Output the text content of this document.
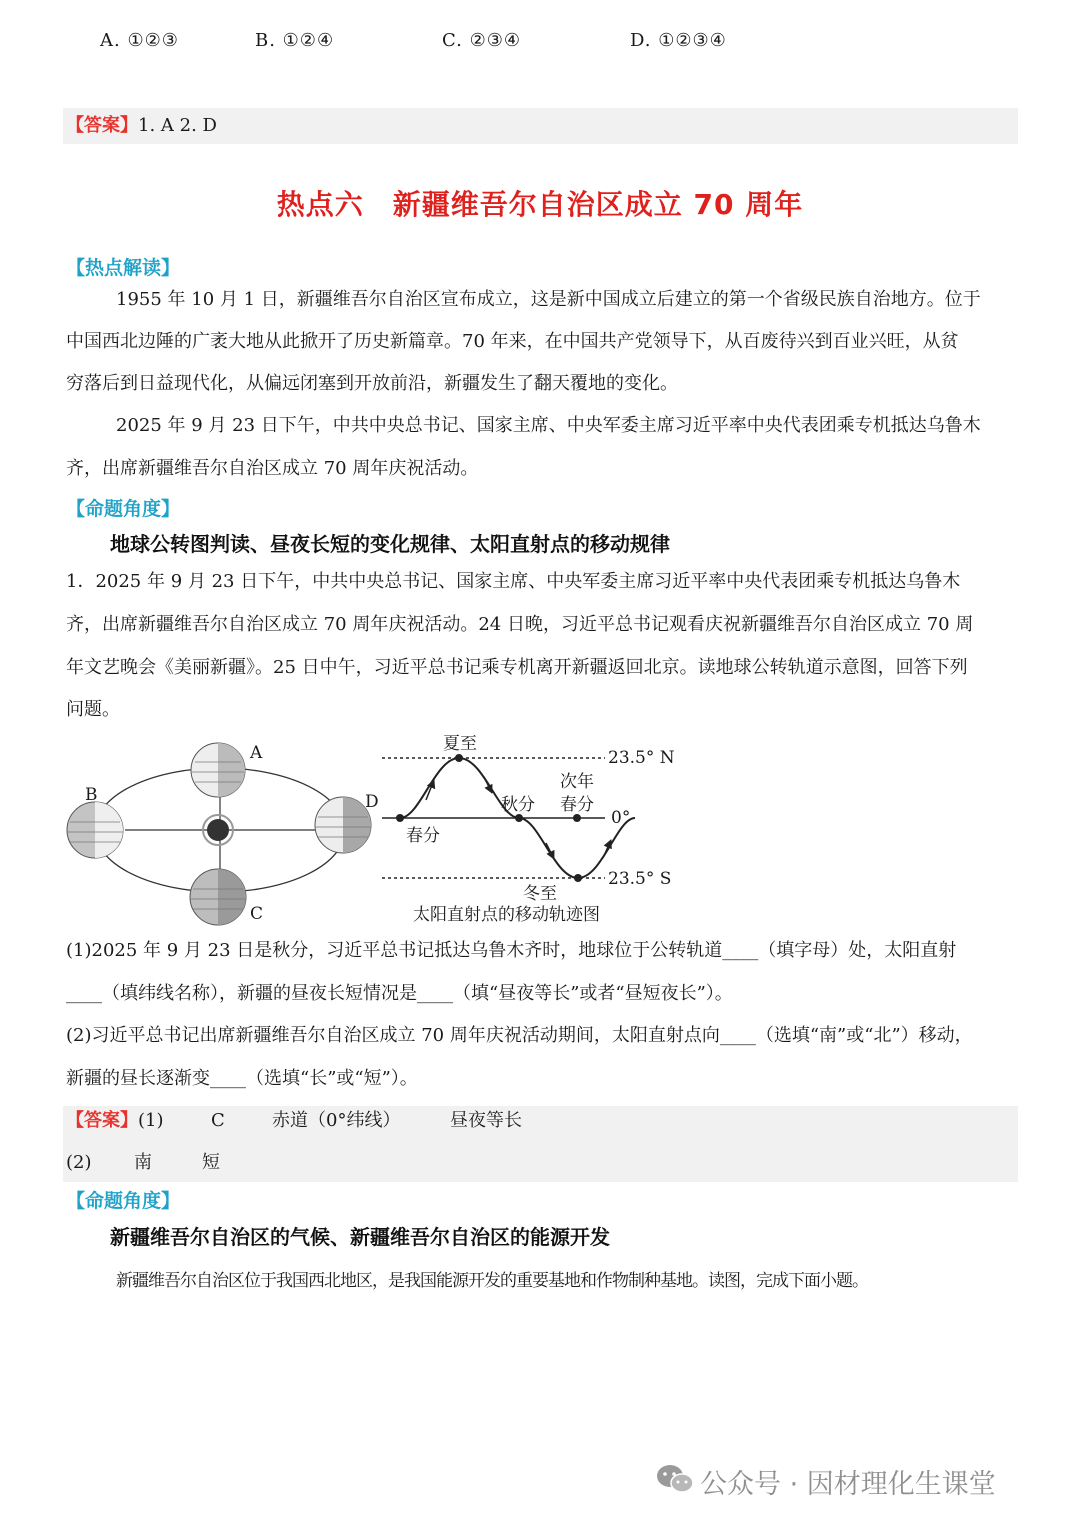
A. ①②③	B. ①②④	C. ②③④	D. ①②③④
【答案】1. A 2. D
热点六　新疆维吾尔自治区成立 70 周年
【热点解读】
1955 年 10 月 1 日，新疆维吾尔自治区宣布成立，这是新中国成立后建立的第一个省级民族自治地方。位于
中国西北边陲的广袤大地从此掀开了历史新篇章。70 年来，在中国共产党领导下，从百废待兴到百业兴旺，从贫
穷落后到日益现代化，从偏远闭塞到开放前沿，新疆发生了翻天覆地的变化。
2025 年 9 月 23 日下午，中共中央总书记、国家主席、中央军委主席习近平率中央代表团乘专机抵达乌鲁木
齐，出席新疆维吾尔自治区成立 70 周年庆祝活动。
【命题角度】
地球公转图判读、昼夜长短的变化规律、太阳直射点的移动规律
1．2025 年 9 月 23 日下午，中共中央总书记、国家主席、中央军委主席习近平率中央代表团乘专机抵达乌鲁木
齐，出席新疆维吾尔自治区成立 70 周年庆祝活动。24 日晚，习近平总书记观看庆祝新疆维吾尔自治区成立 70 周
年文艺晚会《美丽新疆》。25 日中午，习近平总书记乘专机离开新疆返回北京。读地球公转轨道示意图，回答下列
问题。
A
B
C
D
夏至
秋分
春分
次年
春分
冬至
23.5° N
0°
23.5° S
太阳直射点的移动轨迹图
(1)2025 年 9 月 23 日是秋分，习近平总书记抵达乌鲁木齐时，地球位于公转轨道____（填字母）处，太阳直射
____（填纬线名称），新疆的昼夜长短情况是____（填“昼夜等长”或者“昼短夜长”）。
(2)习近平总书记出席新疆维吾尔自治区成立 70 周年庆祝活动期间，太阳直射点向____（选填“南”或“北”）移动，
新疆的昼长逐渐变____（选填“长”或“短”）。
【答案】(1)	C	赤道（0°纬线）	昼夜等长
(2) 南	短
【命题角度】
新疆维吾尔自治区的气候、新疆维吾尔自治区的能源开发
新疆维吾尔自治区位于我国西北地区，是我国能源开发的重要基地和作物制种基地。读图，完成下面小题。
公众号 · 因材理化生课堂
